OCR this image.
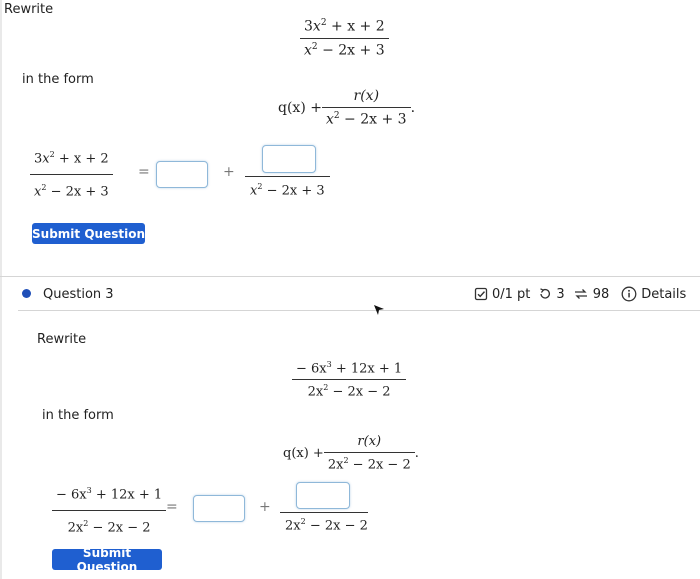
Rewrite
$\frac{3x^2 + x + 2}{x^2 - 2x + 3}$
in the form
$q(x) + \frac{r(x)}{x^2 - 2x + 3}$ .
$\frac{3x^2 + x + 2}{x^2 - 2x + 3}$ =	+
$x^2 - 2x + 3$
Submit Question
Question 3	0/1 pt 3 98 Details
Rewrite
$\frac{- 6x^3 + 12x + 1}{2x^2 - 2x - 2}$
in the form
$q(x) + \frac{r(x)}{2x^2 - 2x - 2}$ .
$\frac{- 6x^3 + 12x + 1}{2x^2 - 2x - 2}$ =	+
$2x^2 - 2x - 2$
Submit Question
